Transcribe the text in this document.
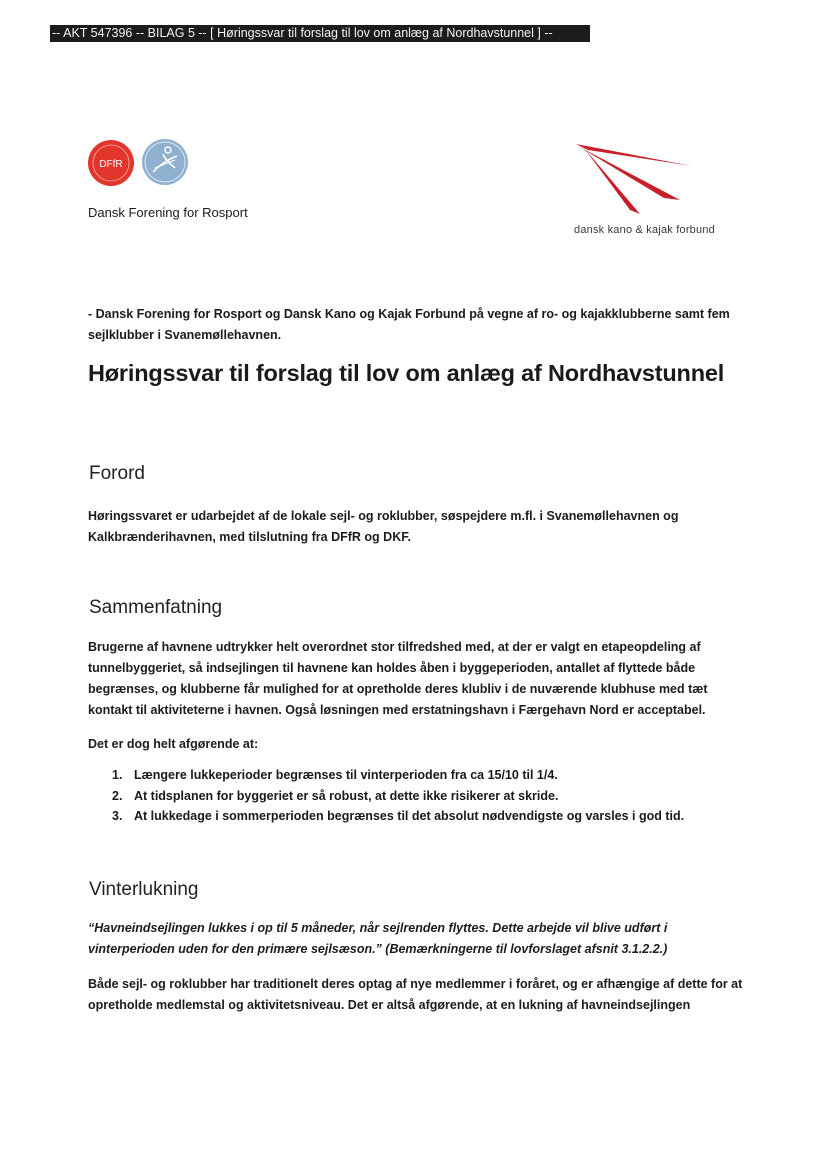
-- AKT 547396 -- BILAG 5 -- [ Høringssvar til forslag til lov om anlæg af Nordhavstunnel ] --
DFfR
Dansk Forening for Rosport
dansk kano & kajak forbund
- Dansk Forening for Rosport og Dansk Kano og Kajak Forbund på vegne af ro- og kajakklubberne samt fem sejlklubber i Svanemøllehavnen.
Høringssvar til forslag til lov om anlæg af Nordhavstunnel
Forord
Høringssvaret er udarbejdet af de lokale sejl- og roklubber, søspejdere m.fl. i Svanemøllehavnen og Kalkbrænderihavnen, med tilslutning fra DFfR og DKF.
Sammenfatning
Brugerne af havnene udtrykker helt overordnet stor tilfredshed med, at der er valgt en etapeopdeling af tunnelbyggeriet, så indsejlingen til havnene kan holdes åben i byggeperioden, antallet af flyttede både begrænses, og klubberne får mulighed for at opretholde deres klubliv i de nuværende klubhuse med tæt kontakt til aktiviteterne i havnen. Også løsningen med erstatningshavn i Færgehavn Nord er acceptabel.
Det er dog helt afgørende at:
1. Længere lukkeperioder begrænses til vinterperioden fra ca 15/10 til 1/4.
2. At tidsplanen for byggeriet er så robust, at dette ikke risikerer at skride.
3. At lukkedage i sommerperioden begrænses til det absolut nødvendigste og varsles i god tid.
Vinterlukning
“Havneindsejlingen lukkes i op til 5 måneder, når sejlrenden flyttes. Dette arbejde vil blive udført i vinterperioden uden for den primære sejlsæson.” (Bemærkningerne til lovforslaget afsnit 3.1.2.2.)
Både sejl- og roklubber har traditionelt deres optag af nye medlemmer i foråret, og er afhængige af dette for at opretholde medlemstal og aktivitetsniveau. Det er altså afgørende, at en lukning af havneindsejlingen
